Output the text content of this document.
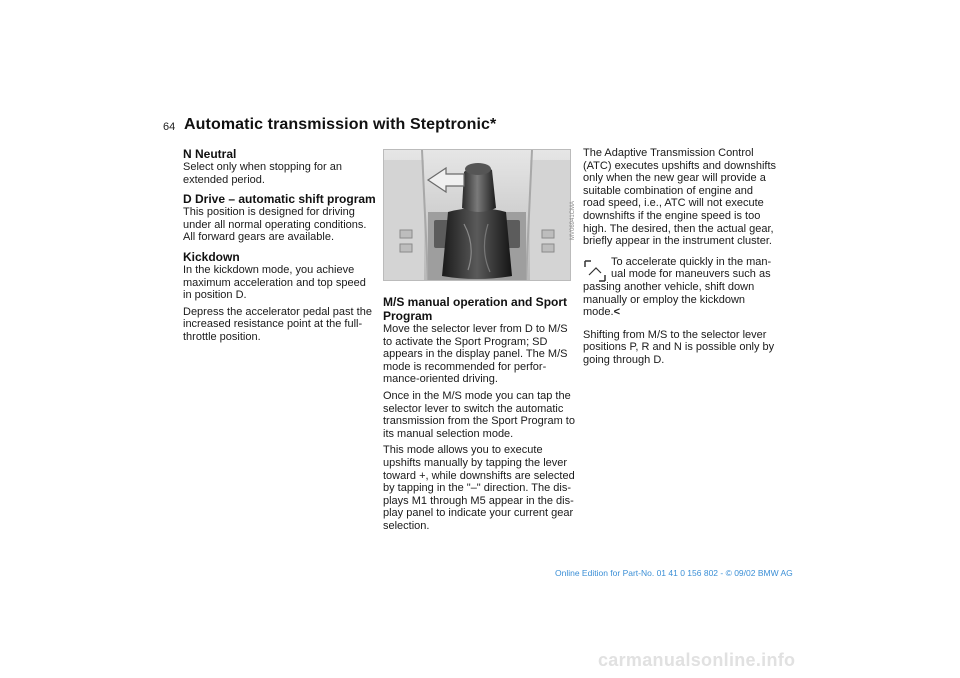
64 Automatic transmission with Steptronic*
N Neutral

Select only when stopping for an
extended period.

D Drive – automatic shift program

This position is designed for driving
under all normal operating conditions.
All forward gears are available.

Kickdown

In the kickdown mode, you achieve
maximum acceleration and top speed
in position D.

Depress the accelerator pedal past the
increased resistance point at the full-
throttle position.

MV06941CMA
M/S manual operation and Sport
Program

Move the selector lever from D to M/S
to activate the Sport Program; SD
appears in the display panel. The M/S
mode is recommended for perfor-
mance-oriented driving.

Once in the M/S mode you can tap the
selector lever to switch the automatic
transmission from the Sport Program to
its manual selection mode.

This mode allows you to execute
upshifts manually by tapping the lever
toward +, while downshifts are selected
by tapping in the "–" direction. The dis-
plays M1 through M5 appear in the dis-
play panel to indicate your current gear
selection.

The Adaptive Transmission Control
(ATC) executes upshifts and downshifts
only when the new gear will provide a
suitable combination of engine and
road speed, i.e., ATC will not execute
downshifts if the engine speed is too
high. The desired, then the actual gear,
briefly appear in the instrument cluster.

To accelerate quickly in the man-
ual mode for maneuvers such as
passing another vehicle, shift down
manually or employ the kickdown
mode.<

Shifting from M/S to the selector lever
positions P, R and N is possible only by
going through D.

Online Edition for Part-No. 01 41 0 156 802 - © 09/02 BMW AG
carmanualsonline.info
